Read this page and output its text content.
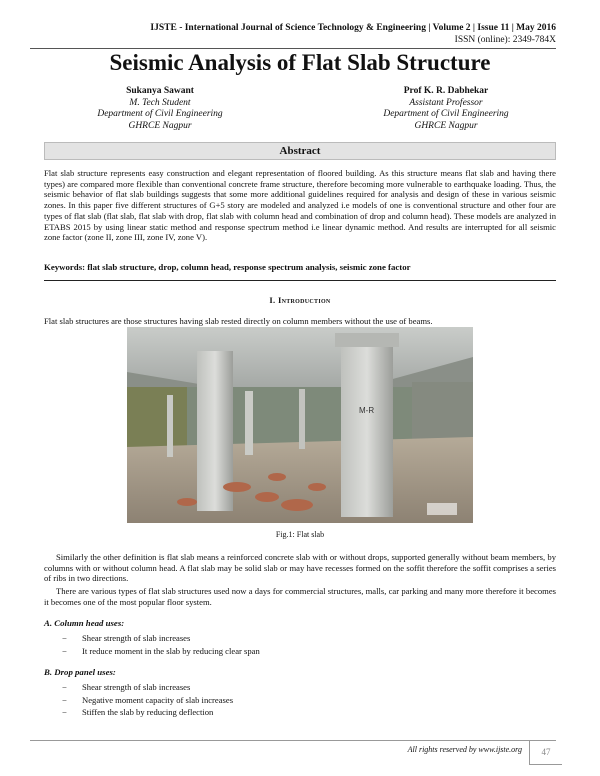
IJSTE - International Journal of Science Technology & Engineering | Volume 2 | Issue 11 | May 2016
ISSN (online): 2349-784X
Seismic Analysis of Flat Slab Structure
Sukanya Sawant
M. Tech Student
Department of Civil Engineering
GHRCE Nagpur
Prof K. R. Dabhekar
Assistant Professor
Department of Civil Engineering
GHRCE Nagpur
Abstract
Flat slab structure represents easy construction and elegant representation of floored building. As this structure means flat slab and having there types) are compared more flexible than conventional concrete frame structure, therefore becoming more vulnerable to earthquake loading. Thus, the seismic behavior of flat slab buildings suggests that some more additional guidelines required for analysis and design of these in various seismic zones. In this paper five different structures of G+5 story are modeled and analyzed i.e models of one is conventional structure and other four are types of flat slab (flat slab, flat slab with drop, flat slab with column head and combination of drop and column head). These models are analyzed in ETABS 2015 by using linear static method and response spectrum method i.e linear dynamic method. And results are interrupted for all seismic zone factor (zone II, zone III, zone IV, zone V).
Keywords: flat slab structure, drop, column head, response spectrum analysis, seismic zone factor
I. Introduction
Flat slab structures are those structures having slab rested directly on column members without the use of beams.
M-R
Fig.1: Flat slab
Similarly the other definition is flat slab means a reinforced concrete slab with or without drops, supported generally without beam members, by columns with or without column head. A flat slab may be solid slab or may have recesses formed on the soffit therefore the soffit comprises a series of ribs in two directions.
There are various types of flat slab structures used now a days for commercial structures, malls, car parking and many more therefore it becomes it becomes one of the most popular floor system.
A. Column head uses:
− Shear strength of slab increases
− It reduce moment in the slab by reducing clear span
B. Drop panel uses:
− Shear strength of slab increases
− Negative moment capacity of slab increases
− Stiffen the slab by reducing deflection
All rights reserved by www.ijste.org	47
